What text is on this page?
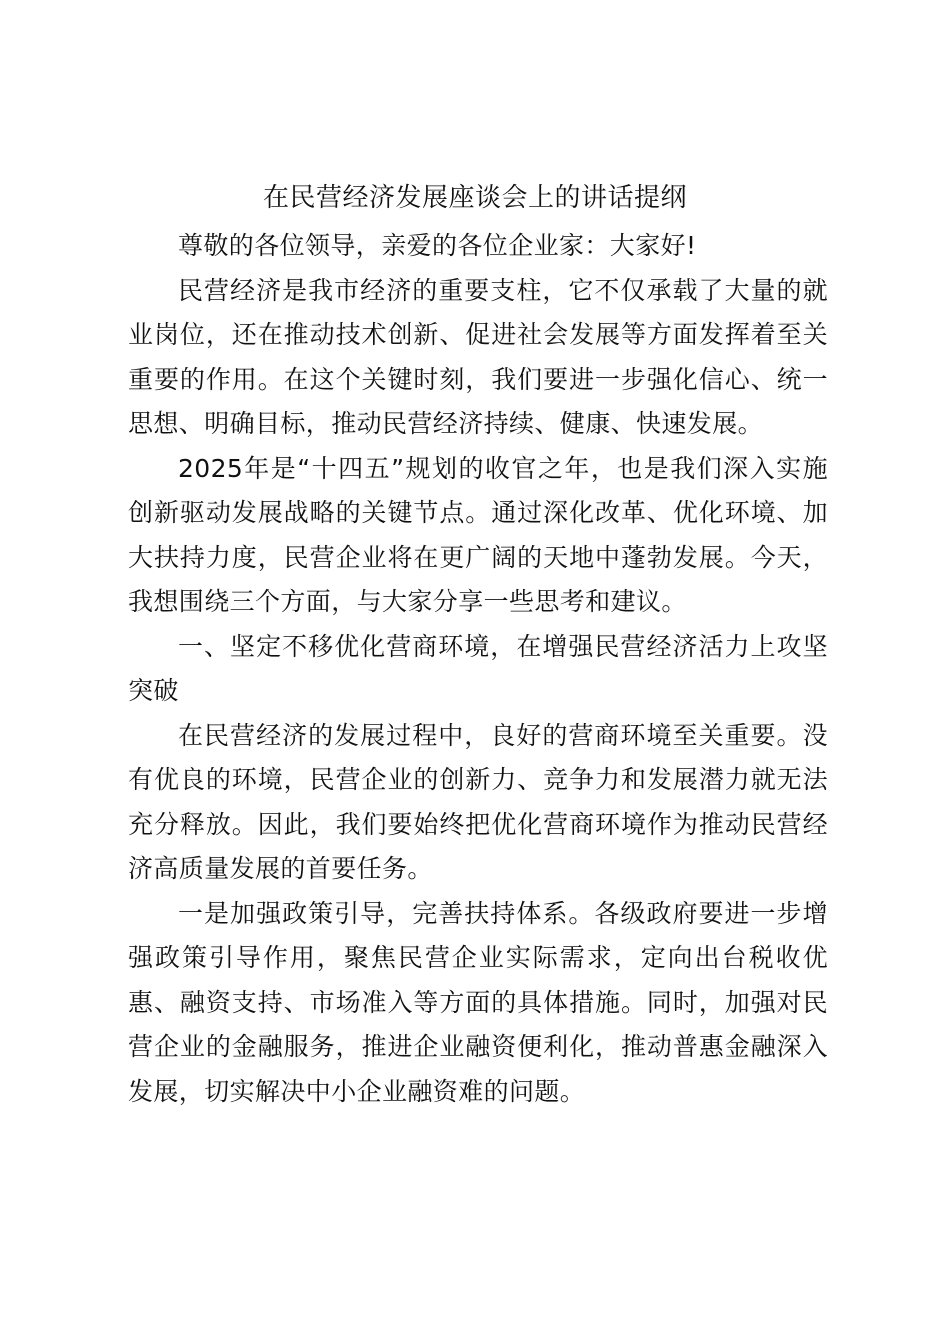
在民营经济发展座谈会上的讲话提纲

尊敬的各位领导，亲爱的各位企业家：大家好!

民营经济是我市经济的重要支柱，它不仅承载了大量的就业岗位，还在推动技术创新、促进社会发展等方面发挥着至关重要的作用。在这个关键时刻，我们要进一步强化信心、统一思想、明确目标，推动民营经济持续、健康、快速发展。

2025年是“十四五”规划的收官之年，也是我们深入实施创新驱动发展战略的关键节点。通过深化改革、优化环境、加大扶持力度，民营企业将在更广阔的天地中蓬勃发展。今天，我想围绕三个方面，与大家分享一些思考和建议。

一、坚定不移优化营商环境，在增强民营经济活力上攻坚突破

在民营经济的发展过程中，良好的营商环境至关重要。没有优良的环境，民营企业的创新力、竞争力和发展潜力就无法充分释放。因此，我们要始终把优化营商环境作为推动民营经济高质量发展的首要任务。

一是加强政策引导，完善扶持体系。各级政府要进一步增强政策引导作用，聚焦民营企业实际需求，定向出台税收优惠、融资支持、市场准入等方面的具体措施。同时，加强对民营企业的金融服务，推进企业融资便利化，推动普惠金融深入发展，切实解决中小企业融资难的问题。
